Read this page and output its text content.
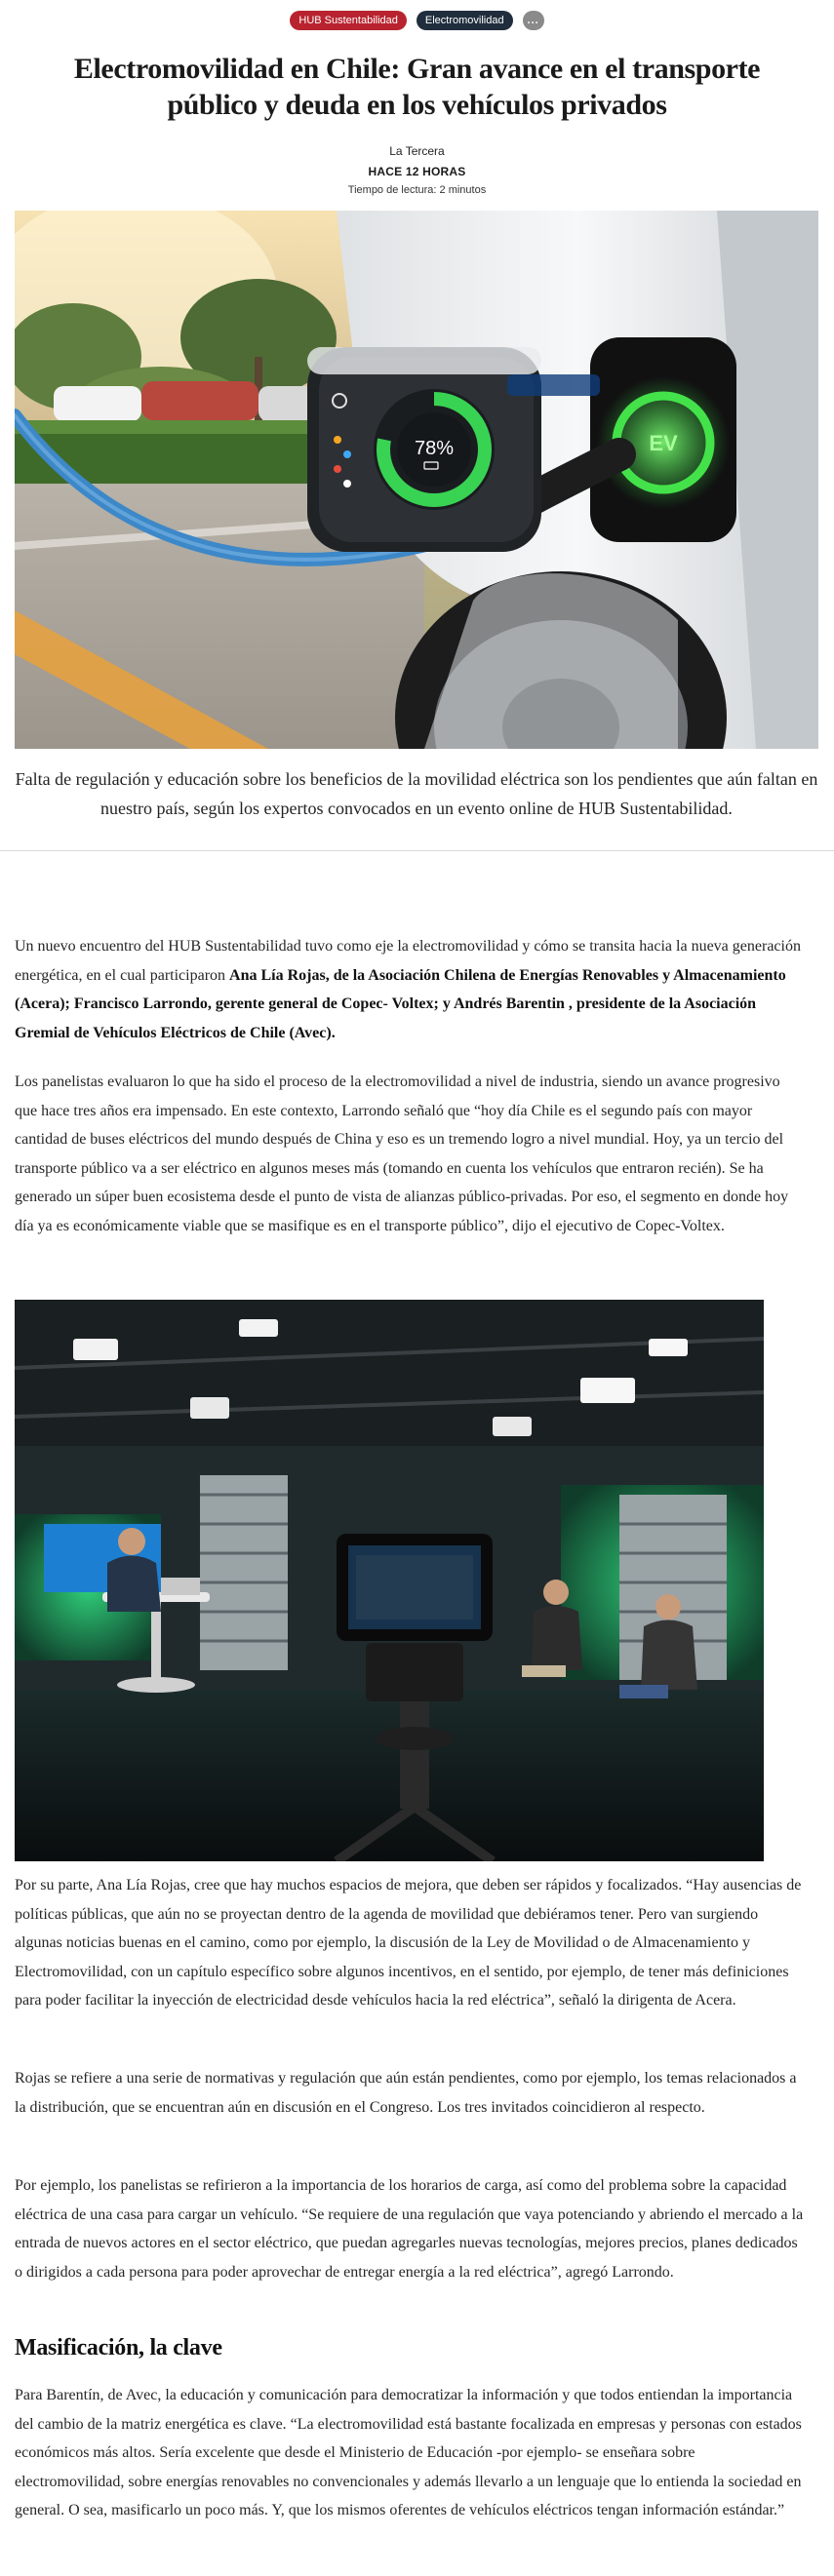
HUB Sustentabilidad	Electromovilidad	...
Electromovilidad en Chile: Gran avance en el transporte público y deuda en los vehículos privados
La Tercera
HACE 12 HORAS
Tiempo de lectura: 2 minutos
EV
78%

Falta de regulación y educación sobre los beneficios de la movilidad eléctrica son los pendientes que aún faltan en nuestro país, según los expertos convocados en un evento online de HUB Sustentabilidad.

Un nuevo encuentro del HUB Sustentabilidad tuvo como eje la electromovilidad y cómo se transita hacia la nueva generación energética, en el cual participaron Ana Lía Rojas, de la Asociación Chilena de Energías Renovables y Almacenamiento (Acera); Francisco Larrondo, gerente general de Copec- Voltex; y Andrés Barentin , presidente de la Asociación Gremial de Vehículos Eléctricos de Chile (Avec).

Los panelistas evaluaron lo que ha sido el proceso de la electromovilidad a nivel de industria, siendo un avance progresivo que hace tres años era impensado. En este contexto, Larrondo señaló que “hoy día Chile es el segundo país con mayor cantidad de buses eléctricos del mundo después de China y eso es un tremendo logro a nivel mundial. Hoy, ya un tercio del transporte público va a ser eléctrico en algunos meses más (tomando en cuenta los vehículos que entraron recién). Se ha generado un súper buen ecosistema desde el punto de vista de alianzas público-privadas. Por eso, el segmento en donde hoy día ya es económicamente viable que se masifique es en el transporte público”, dijo el ejecutivo de Copec-Voltex.

Por su parte, Ana Lía Rojas, cree que hay muchos espacios de mejora, que deben ser rápidos y focalizados. “Hay ausencias de políticas públicas, que aún no se proyectan dentro de la agenda de movilidad que debiéramos tener. Pero van surgiendo algunas noticias buenas en el camino, como por ejemplo, la discusión de la Ley de Movilidad o de Almacenamiento y Electromovilidad, con un capítulo específico sobre algunos incentivos, en el sentido, por ejemplo, de tener más definiciones para poder facilitar la inyección de electricidad desde vehículos hacia la red eléctrica”, señaló la dirigenta de Acera.

Rojas se refiere a una serie de normativas y regulación que aún están pendientes, como por ejemplo, los temas relacionados a la distribución, que se encuentran aún en discusión en el Congreso. Los tres invitados coincidieron al respecto.

Por ejemplo, los panelistas se refirieron a la importancia de los horarios de carga, así como del problema sobre la capacidad eléctrica de una casa para cargar un vehículo. “Se requiere de una regulación que vaya potenciando y abriendo el mercado a la entrada de nuevos actores en el sector eléctrico, que puedan agregarles nuevas tecnologías, mejores precios, planes dedicados o dirigidos a cada persona para poder aprovechar de entregar energía a la red eléctrica”, agregó Larrondo.

Masificación, la clave

Para Barentín, de Avec, la educación y comunicación para democratizar la información y que todos entiendan la importancia del cambio de la matriz energética es clave. “La electromovilidad está bastante focalizada en empresas y personas con estados económicos más altos. Sería excelente que desde el Ministerio de Educación -por ejemplo- se enseñara sobre electromovilidad, sobre energías renovables no convencionales y además llevarlo a un lenguaje que lo entienda la sociedad en general. O sea, masificarlo un poco más. Y, que los mismos oferentes de vehículos eléctricos tengan información estándar.”
